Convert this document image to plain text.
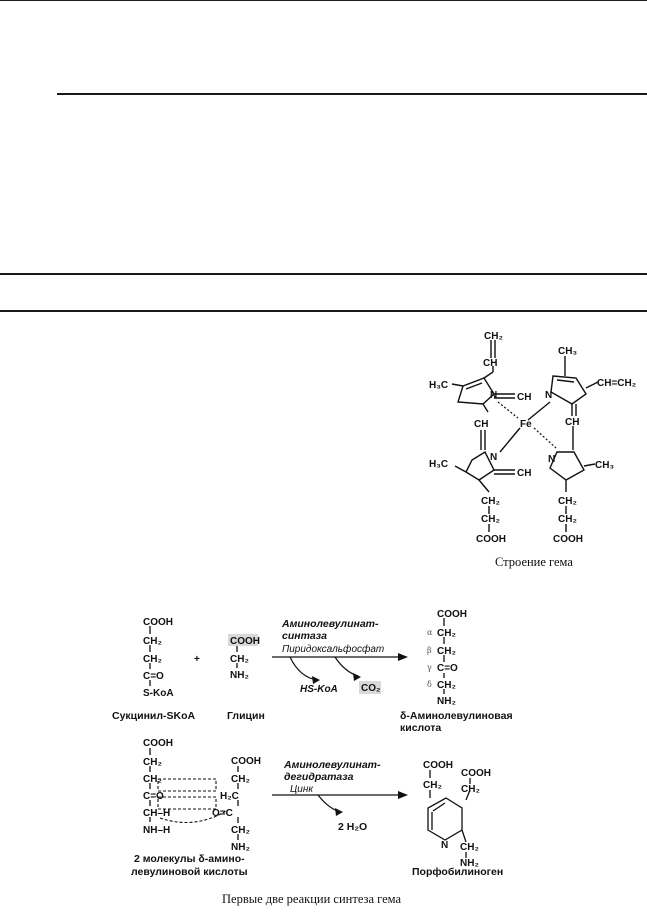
CH₂
CH
CH₃
H₃C
N CH N
CH=CH₂
CH	Fe	CH
H₃C
N
CH
N
CH₃
CH₂
CH₂
COOH
CH₂
CH₂
COOH
Строение гема
COOH
CH₂
CH₂
C=O
S-KoA
+
COOH
CH₂
NH₂
Аминолевулинат-
синтаза
Пиридоксальфосфат
HS-KoA CO₂
COOH
α CH₂
β CH₂
γ C=O
δ CH₂
NH₂
Сукцинил-SKoA	Глицин	δ-Аминолевулиновая
кислота
COOH
CH₂
CH₂
C=O
CH–H
NH–H
COOH
CH₂
H₂C
O=C
CH₂
NH₂
Аминолевулинат-
дегидратаза
Цинк
2 H₂O
COOH
CH₂
COOH
CH₂
N CH₂
NH₂
2 молекулы δ-амино-
левулиновой кислоты	Порфобилиноген
Первые две реакции синтеза гема
